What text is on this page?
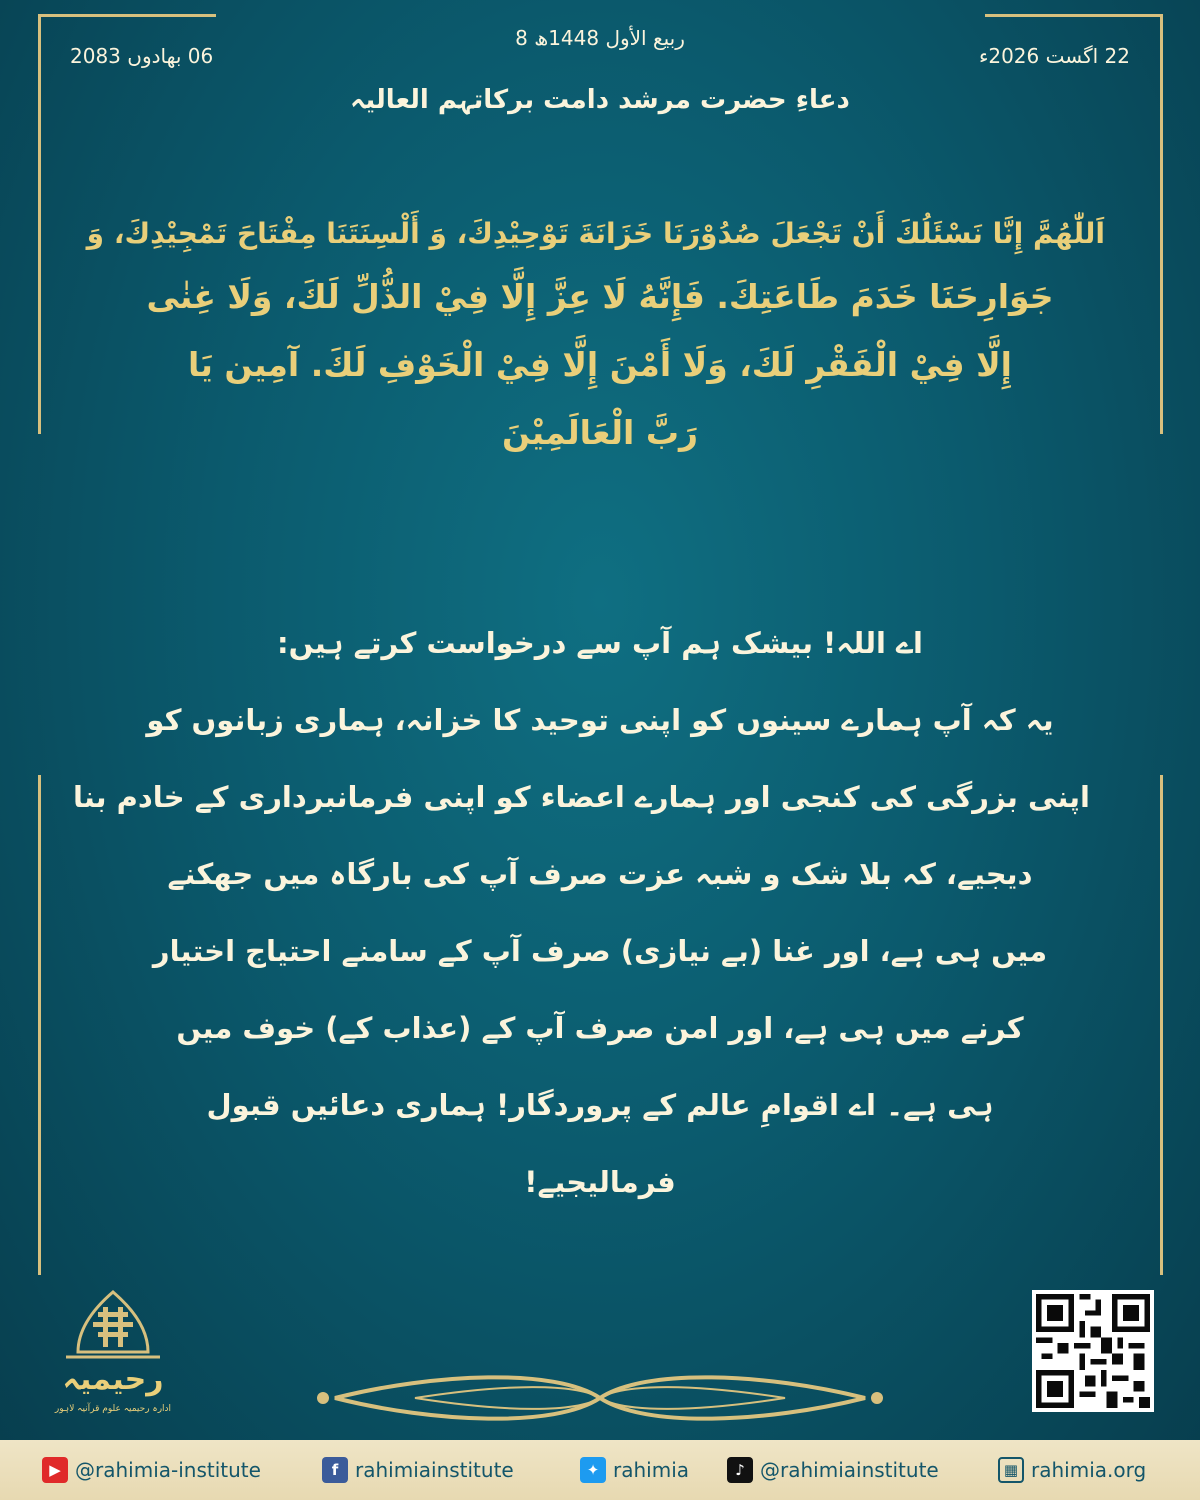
8 ربیع الأول 1448ھ
06 بھادوں 2083	22 اگست 2026ء
دعاءِ حضرت مرشد دامت برکاتہم العالیہ
اَللّٰهُمَّ إِنَّا نَسْئَلُكَ أَنْ تَجْعَلَ صُدُوْرَنَا خَزَانَةَ تَوْحِيْدِكَ، وَ أَلْسِنَتَنَا مِفْتَاحَ تَمْجِيْدِكَ، وَ
جَوَارِحَنَا خَدَمَ طَاعَتِكَ. فَإِنَّهُ لَا عِزَّ إِلَّا فِيْ الذُّلِّ لَكَ، وَلَا غِنٰى
إِلَّا فِيْ الْفَقْرِ لَكَ، وَلَا أَمْنَ إِلَّا فِيْ الْخَوْفِ لَكَ. آمِين يَا
رَبَّ الْعَالَمِيْنَ
اے اللہ! بیشک ہم آپ سے درخواست کرتے ہیں:
یہ کہ آپ ہمارے سینوں کو اپنی توحید کا خزانہ، ہماری زبانوں کو
اپنی بزرگی کی کنجی اور ہمارے اعضاء کو اپنی فرمانبرداری کے خادم بنا
دیجیے، کہ بلا شک و شبہ عزت صرف آپ کی بارگاہ میں جھکنے
میں ہی ہے، اور غنا (بے نیازی) صرف آپ کے سامنے احتیاج اختیار
کرنے میں ہی ہے، اور امن صرف آپ کے (عذاب کے) خوف میں
ہی ہے۔ اے اقوامِ عالم کے پروردگار! ہماری دعائیں قبول
فرمالیجیے!
رحیمیہ
ادارہ رحیمیہ علوم قرآنیہ لاہور
▶ @rahimia-institute	f rahimiainstitute	✦ rahimia	♪ @rahimiainstitute	▦ rahimia.org
